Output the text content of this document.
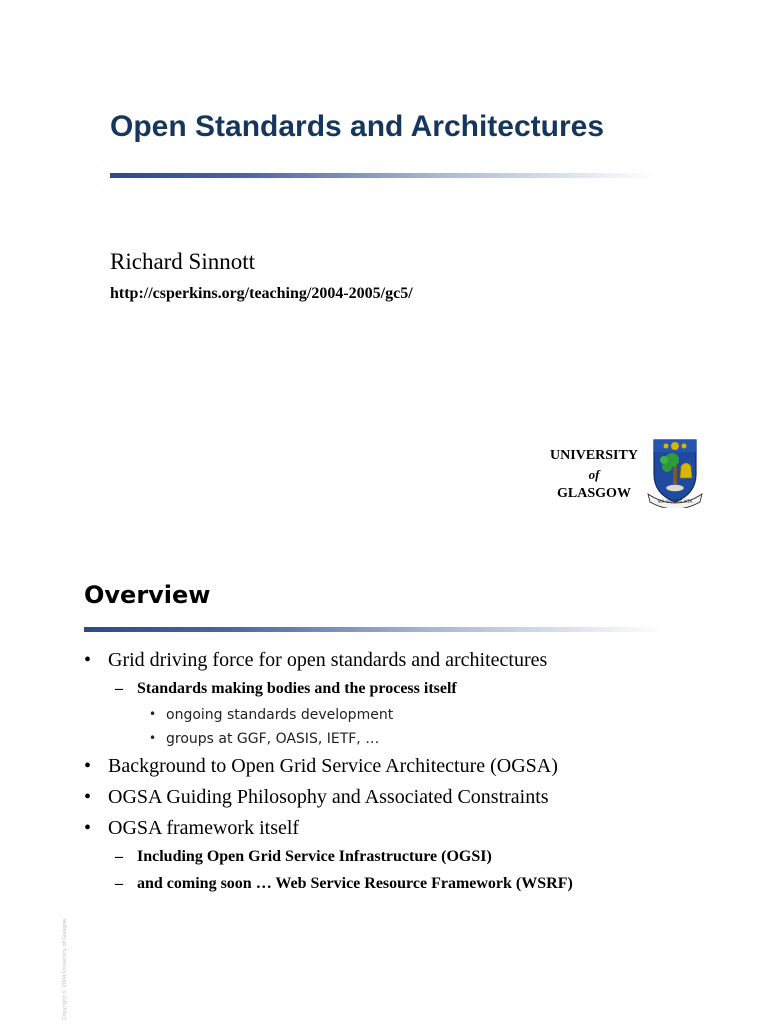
Open Standards and Architectures
Richard Sinnott
http://csperkins.org/teaching/2004-2005/gc5/
UNIVERSITY
of
GLASGOW
VIA VERITAS VITA
Overview
• Grid driving force for open standards and architectures
– Standards making bodies and the process itself
• ongoing standards development
• groups at GGF, OASIS, IETF, …
• Background to Open Grid Service Architecture (OGSA)
• OGSA Guiding Philosophy and Associated Constraints
• OGSA framework itself
– Including Open Grid Service Infrastructure (OGSI)
– and coming soon … Web Service Resource Framework (WSRF)
Copyright © 2004 University of Glasgow
